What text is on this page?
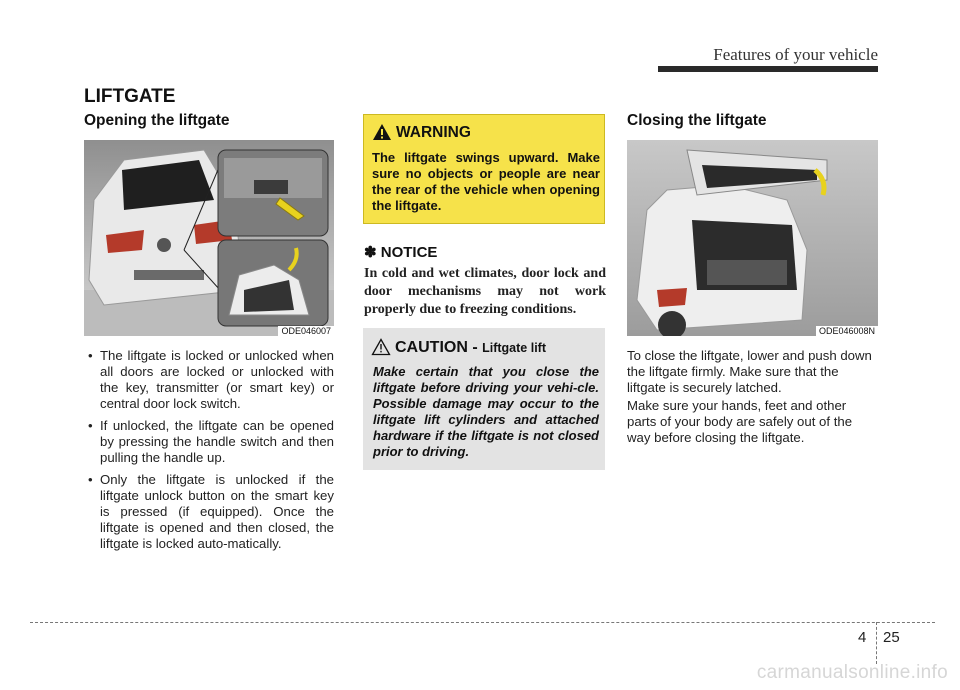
Features of your vehicle
LIFTGATE
Opening the liftgate
ODE046007
• The liftgate is locked or unlocked when all doors are locked or unlocked with the key, transmitter (or smart key) or central door lock switch.
• If unlocked, the liftgate can be opened by pressing the handle switch and then pulling the handle up.
• Only the liftgate is unlocked if the liftgate unlock button on the smart key is pressed (if equipped). Once the liftgate is opened and then closed, the liftgate is locked auto-matically.
WARNING
The liftgate swings upward. Make sure no objects or people are near the rear of the vehicle when opening the liftgate.
✽ NOTICE
In cold and wet climates, door lock and door mechanisms may not work properly due to freezing conditions.
CAUTION - Liftgate lift
Make certain that you close the liftgate before driving your vehi-cle. Possible damage may occur to the liftgate lift cylinders and attached hardware if the liftgate is not closed prior to driving.
Closing the liftgate
ODE046008N
To close the liftgate, lower and push down the liftgate firmly. Make sure that the liftgate is securely latched.
Make sure your hands, feet and other parts of your body are safely out of the way before closing the liftgate.
4 25
carmanualsonline.info
